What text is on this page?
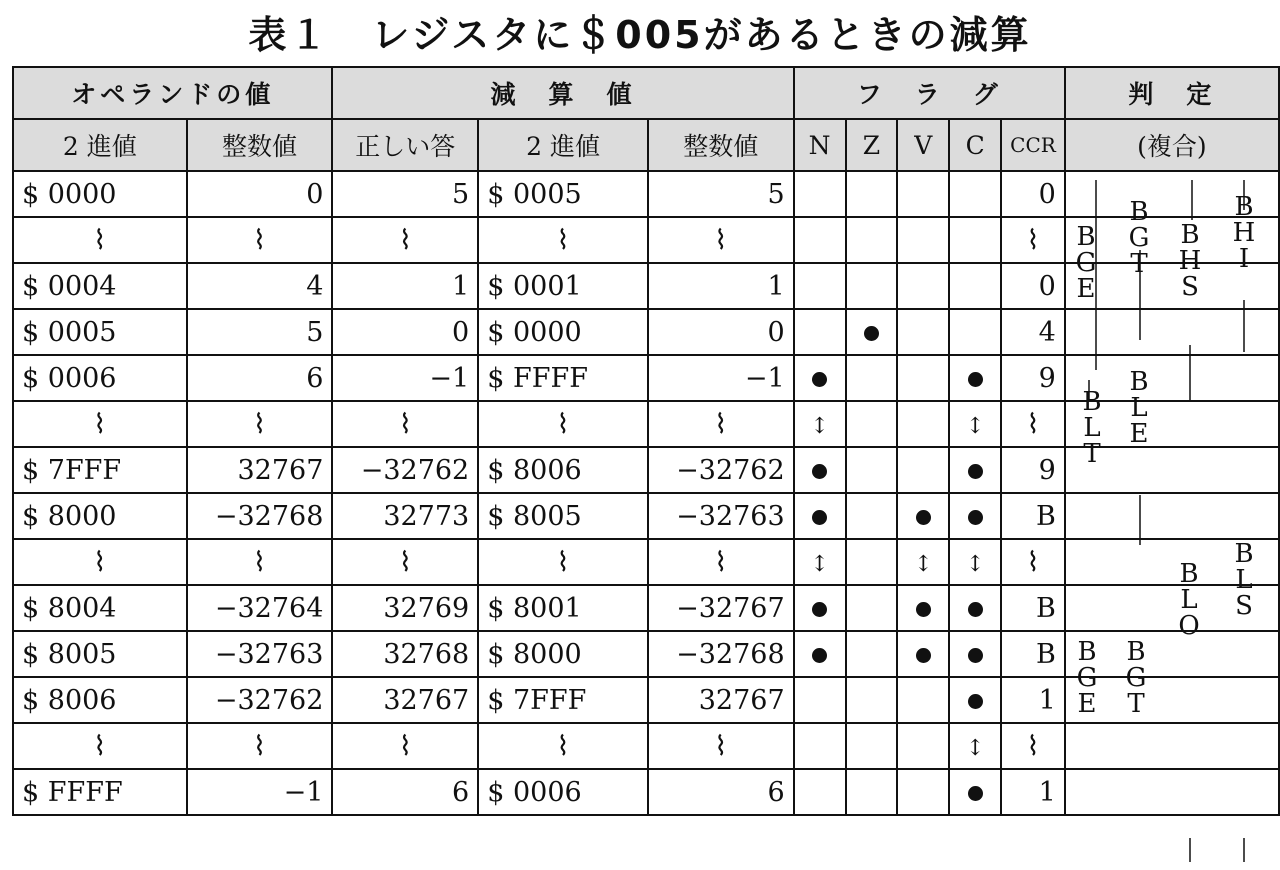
表１　レジスタに＄005があるときの減算
オペランドの値		減　算　値			フ　ラ　グ					判　定			
2 進値	整数値	正しい答	2 進値	整数値	N	Z	V	C	CCR	(複合)			
$ 0000	0	5	$ 0005	5					0				
⌇	⌇	⌇	⌇	⌇					⌇				
$ 0004	4	1	$ 0001	1					0				
$ 0005	5	0	$ 0000	0					4				
$ 0006	6	−1	$ FFFF	−1					9				
⌇	⌇	⌇	⌇	⌇	↕			↕	⌇				
$ 7FFF	32767	−32762	$ 8006	−32762					9				
$ 8000	−32768	32773	$ 8005	−32763					B				
⌇	⌇	⌇	⌇	⌇	↕		↕	↕	⌇				
$ 8004	−32764	32769	$ 8001	−32767					B				
$ 8005	−32763	32768	$ 8000	−32768					B				
$ 8006	−32762	32767	$ 7FFF	32767					1				
⌇	⌇	⌇	⌇	⌇				↕	⌇				
$ FFFF	−1	6	$ 0006	6					1				
B G E
B G T
B H S
B H I
B L T
B L E
B L O
B L S
B G E
B G T
